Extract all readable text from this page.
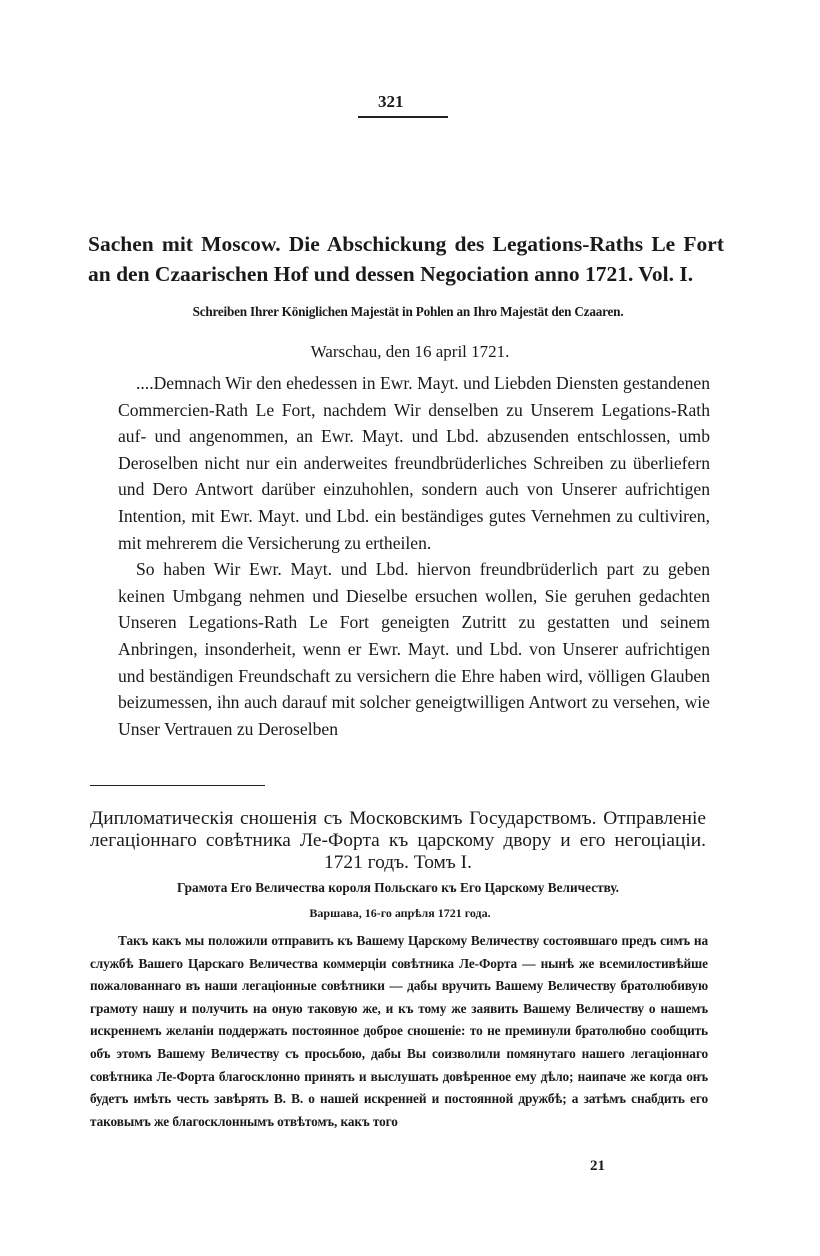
321
Sachen mit Moscow. Die Abschickung des Legations-Raths Le Fort an den Czaarischen Hof und dessen Negociation anno 1721. Vol. I.
Schreiben Ihrer Königlichen Majestät in Pohlen an Ihro Majestät den Czaaren.
Warschau, den 16 april 1721.

....Demnach Wir den ehedessen in Ewr. Mayt. und Liebden Diensten gestandenen Commercien-Rath Le Fort, nachdem Wir denselben zu Unserem Legations-Rath auf- und angenommen, an Ewr. Mayt. und Lbd. abzusenden entschlossen, umb Deroselben nicht nur ein anderweites freundbrüderliches Schreiben zu überliefern und Dero Antwort darüber einzuhohlen, sondern auch von Unserer aufrichtigen Intention, mit Ewr. Mayt. und Lbd. ein beständiges gutes Vernehmen zu cultiviren, mit mehrerem die Versicherung zu ertheilen.

So haben Wir Ewr. Mayt. und Lbd. hiervon freundbrüderlich part zu geben keinen Umbgang nehmen und Dieselbe ersuchen wollen, Sie geruhen gedachten Unseren Legations-Rath Le Fort geneigten Zutritt zu gestatten und seinem Anbringen, insonderheit, wenn er Ewr. Mayt. und Lbd. von Unserer aufrichtigen und beständigen Freundschaft zu versichern die Ehre haben wird, völligen Glauben beizumessen, ihn auch darauf mit solcher geneigtwilligen Antwort zu versehen, wie Unser Vertrauen zu Deroselben

Дипломатическія сношенія съ Московскимъ Государствомъ. Отправленіе легаціоннаго совѣтника Ле-Форта къ царскому двору и его негоціаціи. 1721 годъ. Томъ I.
Грамота Его Величества короля Польскаго къ Его Царскому Величеству.
Варшава, 16-го апрѣля 1721 года.

Такъ какъ мы положили отправить къ Вашему Царскому Величеству состоявшаго предъ симъ на службѣ Вашего Царскаго Величества коммерціи совѣтника Ле-Форта — нынѣ же всемилостивѣйше пожалованнаго въ наши легаціонные совѣтники — дабы вручить Вашему Величеству братолюбивую грамоту нашу и получить на оную таковую же, и къ тому же заявить Вашему Величеству о нашемъ искреннемъ желаніи поддержать постоянное доброе сношеніе: то не преминули братолюбно сообщить объ этомъ Вашему Величеству съ просьбою, дабы Вы соизволили помянутаго нашего легаціоннаго совѣтника Ле-Форта благосклонно принять и выслушать довѣренное ему дѣло; наипаче же когда онъ будетъ имѣть честь завѣрять В. В. о нашей искренней и постоянной дружбѣ; а затѣмъ снабдить его таковымъ же благосклоннымъ отвѣтомъ, какъ того

21
